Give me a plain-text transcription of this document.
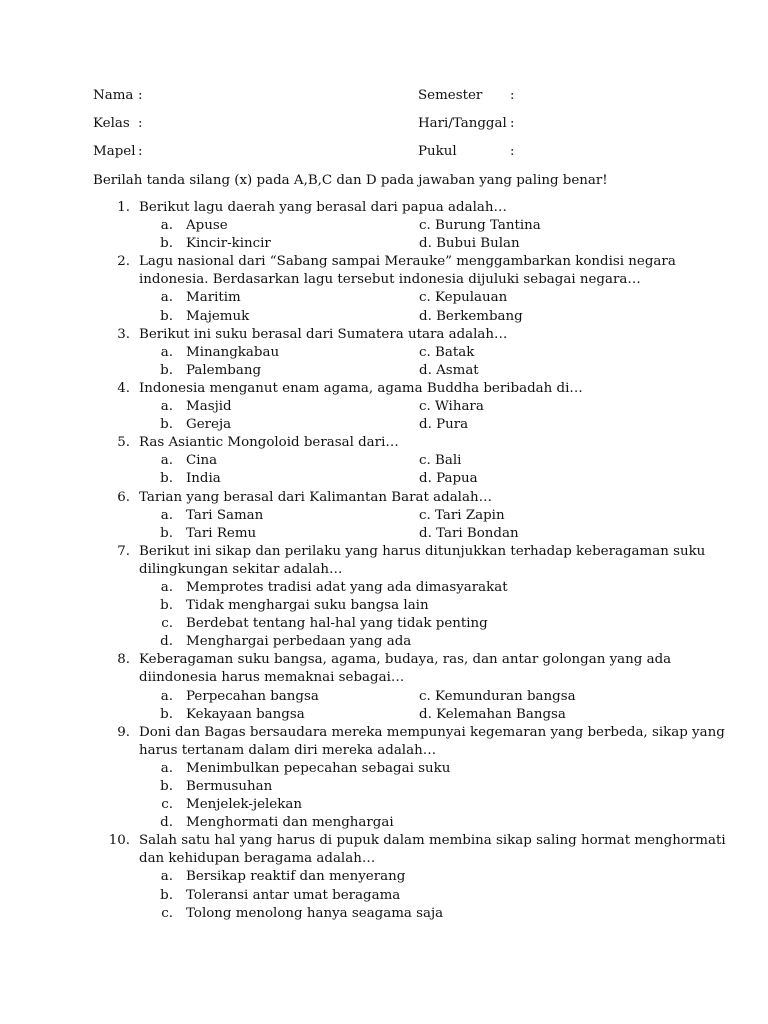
Nama :	Semester :
Kelas :	Hari/Tanggal :
Mapel :	Pukul	:
Berilah tanda silang (x) pada A,B,C dan D pada jawaban yang paling benar!
1. Berikut lagu daerah yang berasal dari papua adalah…
a. Apuse	c. Burung Tantina
b. Kincir-kincir	d. Bubui Bulan
2. Lagu nasional dari “Sabang sampai Merauke” menggambarkan kondisi negara
indonesia. Berdasarkan lagu tersebut indonesia dijuluki sebagai negara…
a. Maritim	c. Kepulauan
b. Majemuk	d. Berkembang
3. Berikut ini suku berasal dari Sumatera utara adalah…
a. Minangkabau	c. Batak
b. Palembang	d. Asmat
4. Indonesia menganut enam agama, agama Buddha beribadah di…
a. Masjid	c. Wihara
b. Gereja	d. Pura
5. Ras Asiantic Mongoloid berasal dari…
a. Cina	c. Bali
b. India	d. Papua
6. Tarian yang berasal dari Kalimantan Barat adalah…
a. Tari Saman	c. Tari Zapin
b. Tari Remu	d. Tari Bondan
7. Berikut ini sikap dan perilaku yang harus ditunjukkan terhadap keberagaman suku
dilingkungan sekitar adalah…
a. Memprotes tradisi adat yang ada dimasyarakat
b. Tidak menghargai suku bangsa lain
c. Berdebat tentang hal-hal yang tidak penting
d. Menghargai perbedaan yang ada
8. Keberagaman suku bangsa, agama, budaya, ras, dan antar golongan yang ada
diindonesia harus memaknai sebagai…
a. Perpecahan bangsa	c. Kemunduran bangsa
b. Kekayaan bangsa	d. Kelemahan Bangsa
9. Doni dan Bagas bersaudara mereka mempunyai kegemaran yang berbeda, sikap yang
harus tertanam dalam diri mereka adalah…
a. Menimbulkan pepecahan sebagai suku
b. Bermusuhan
c. Menjelek-jelekan
d. Menghormati dan menghargai
10. Salah satu hal yang harus di pupuk dalam membina sikap saling hormat menghormati
dan kehidupan beragama adalah…
a. Bersikap reaktif dan menyerang
b. Toleransi antar umat beragama
c. Tolong menolong hanya seagama saja
